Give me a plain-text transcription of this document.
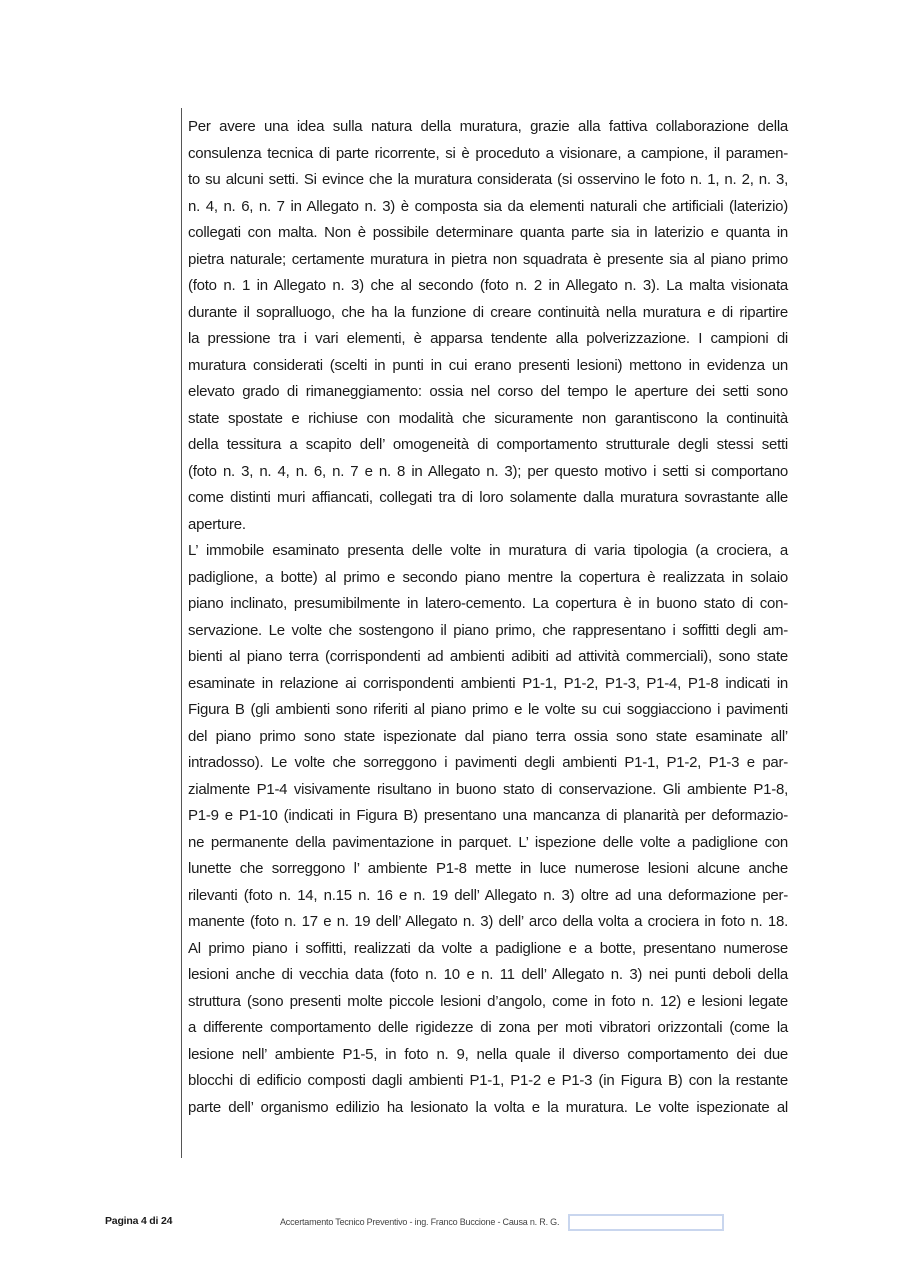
Per avere una idea sulla natura della muratura, grazie alla fattiva collaborazione della
consulenza tecnica di parte ricorrente, si è proceduto a visionare, a campione, il paramen-
to su alcuni setti. Si evince che la muratura considerata (si osservino le foto n. 1, n. 2, n. 3,
n. 4, n. 6, n. 7 in Allegato n. 3) è composta sia da elementi naturali che artificiali (laterizio)
collegati con malta. Non è possibile determinare quanta parte sia in laterizio e quanta in
pietra naturale; certamente muratura in pietra non squadrata è presente sia al piano primo
(foto n. 1 in Allegato n. 3) che al secondo (foto n. 2 in Allegato n. 3). La malta visionata
durante il sopralluogo, che ha la funzione di creare continuità nella muratura e di ripartire
la pressione tra i vari elementi, è apparsa tendente alla polverizzazione. I campioni di
muratura considerati (scelti in punti in cui erano presenti lesioni) mettono in evidenza un
elevato grado di rimaneggiamento: ossia nel corso del tempo le aperture dei setti sono
state spostate e richiuse con modalità che sicuramente non garantiscono la continuità
della tessitura a scapito dell’ omogeneità di comportamento strutturale degli stessi setti
(foto n. 3, n. 4, n. 6, n. 7 e n. 8 in Allegato n. 3); per questo motivo i setti si comportano
come distinti muri affiancati, collegati tra di loro solamente dalla muratura sovrastante alle
aperture.
L’ immobile esaminato presenta delle volte in muratura di varia tipologia (a crociera, a
padiglione, a botte) al primo e secondo piano mentre la copertura è realizzata in solaio
piano inclinato, presumibilmente in latero-cemento. La copertura è in buono stato di con-
servazione. Le volte che sostengono il piano primo, che rappresentano i soffitti degli am-
bienti al piano terra (corrispondenti ad ambienti adibiti ad attività commerciali), sono state
esaminate in relazione ai corrispondenti ambienti P1-1, P1-2, P1-3, P1-4, P1-8 indicati in
Figura B (gli ambienti sono riferiti al piano primo e le volte su cui soggiacciono i pavimenti
del piano primo sono state ispezionate dal piano terra ossia sono state esaminate all’
intradosso). Le volte che sorreggono i pavimenti degli ambienti P1-1, P1-2, P1-3 e par-
zialmente P1-4 visivamente risultano in buono stato di conservazione. Gli ambiente P1-8,
P1-9 e P1-10 (indicati in Figura B) presentano una mancanza di planarità per deformazio-
ne permanente della pavimentazione in parquet. L’ ispezione delle volte a padiglione con
lunette che sorreggono l’ ambiente P1-8 mette in luce numerose lesioni alcune anche
rilevanti (foto n. 14, n.15 n. 16 e n. 19 dell’ Allegato n. 3) oltre ad una deformazione per-
manente (foto n. 17 e n. 19 dell’ Allegato n. 3) dell’ arco della volta a crociera in foto n. 18.
Al primo piano i soffitti, realizzati da volte a padiglione e a botte, presentano numerose
lesioni anche di vecchia data (foto n. 10 e n. 11 dell’ Allegato n. 3) nei punti deboli della
struttura (sono presenti molte piccole lesioni d’angolo, come in foto n. 12) e lesioni legate
a differente comportamento delle rigidezze di zona per moti vibratori orizzontali (come la
lesione nell’ ambiente P1-5, in foto n. 9, nella quale il diverso comportamento dei due
blocchi di edificio composti dagli ambienti P1-1, P1-2 e P1-3 (in Figura B) con la restante
parte dell’ organismo edilizio ha lesionato la volta e la muratura. Le volte ispezionate al
Pagina 4 di 24	Accertamento Tecnico Preventivo - ing. Franco Buccione - Causa n. R. G.
